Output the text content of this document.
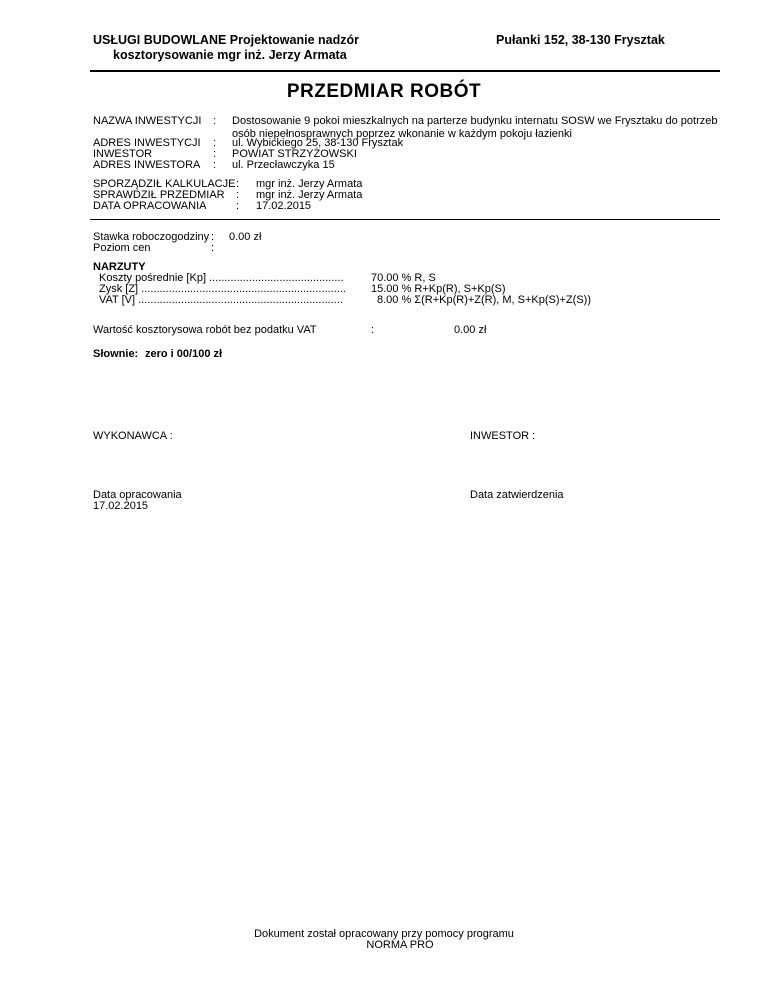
USŁUGI BUDOWLANE Projektowanie nadzór
kosztorysowanie mgr inż. Jerzy Armata
Pułanki 152, 38-130 Frysztak
PRZEDMIAR ROBÓT
NAZWA INWESTYCJI : Dostosowanie 9 pokoi mieszkalnych na parterze budynku internatu SOSW we Frysztaku do potrzeb osób niepełnosprawnych poprzez wkonanie w każdym pokoju łazienki
ADRES INWESTYCJI : ul. Wybickiego 25, 38-130 Frysztak
INWESTOR	: POWIAT STRZYŻOWSKI
ADRES INWESTORA : ul. Przecławczyka 15
SPORZĄDZIŁ KALKULACJE : mgr inż. Jerzy Armata
SPRAWDZIŁ PRZEDMIAR : mgr inż. Jerzy Armata
DATA OPRACOWANIA	: 17.02.2015
Stawka roboczogodziny : 0.00 zł
Poziom cen	:
NARZUTY
Koszty pośrednie [Kp] ............................................ 70.00 % R, S
Zysk [Z] ................................................................... 15.00 % R+Kp(R), S+Kp(S)
VAT [V] ...................................................................	8.00 % Σ(R+Kp(R)+Z(R), M, S+Kp(S)+Z(S))
Wartość kosztorysowa robót bez podatku VAT	:	0.00 zł
Słownie: zero i 00/100 zł
WYKONAWCA :	INWESTOR :
Data opracowania
17.02.2015
Data zatwierdzenia
Dokument został opracowany przy pomocy programu
NORMA PRO
